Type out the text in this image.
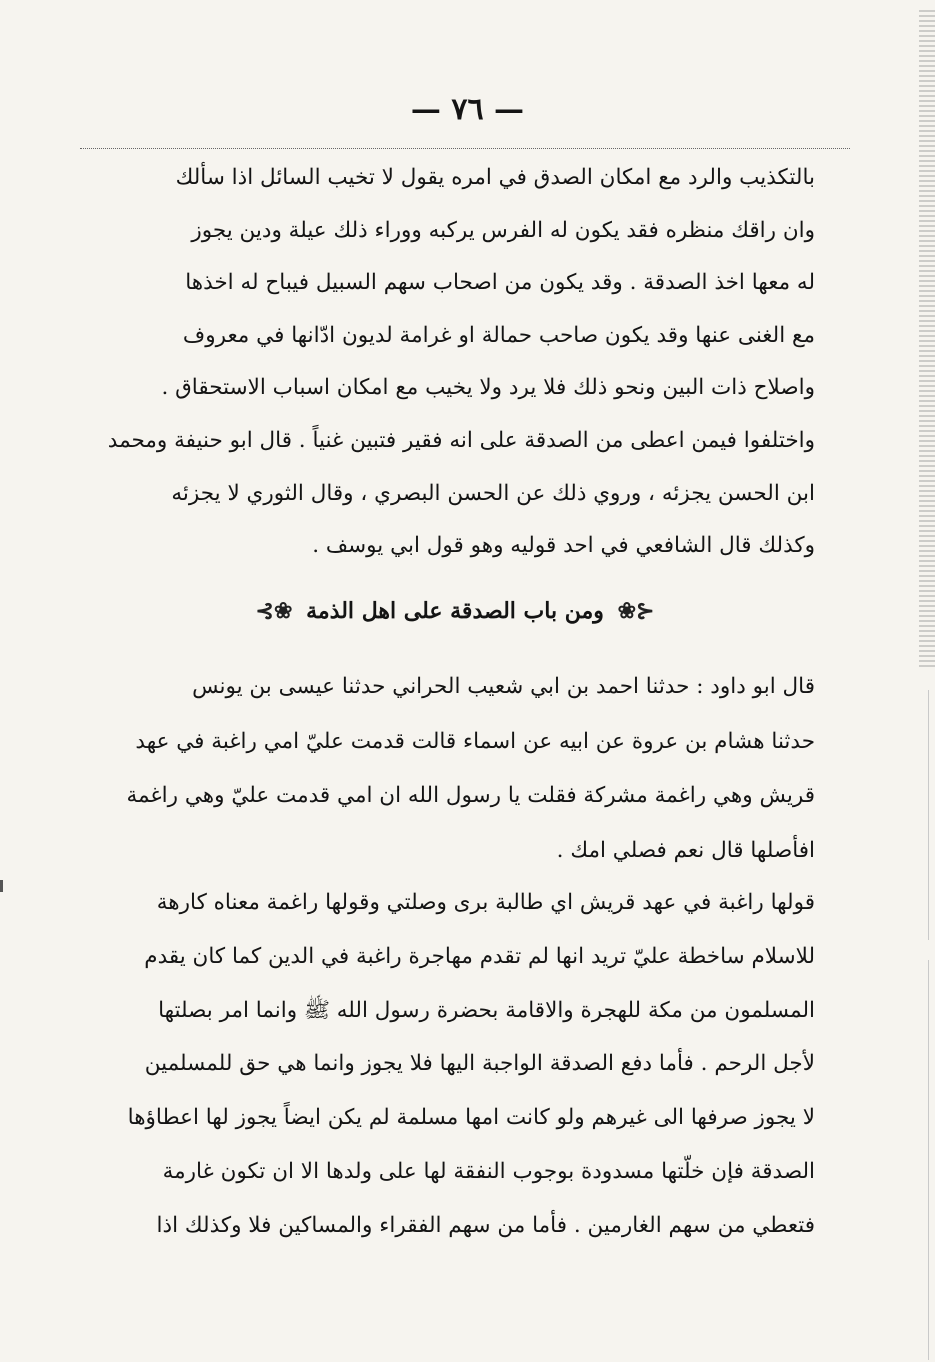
— ٧٦ —
بالتكذيب والرد مع امكان الصدق في امره يقول لا تخيب السائل اذا سألك
وان راقك منظره فقد يكون له الفرس يركبه ووراء ذلك عيلة ودين يجوز
له معها اخذ الصدقة . وقد يكون من اصحاب سهم السبيل فيباح له اخذها
مع الغنى عنها وقد يكون صاحب حمالة او غرامة لديون ادّانها في معروف
واصلاح ذات البين ونحو ذلك فلا يرد ولا يخيب مع امكان اسباب الاستحقاق .
واختلفوا فيمن اعطى من الصدقة على انه فقير فتبين غنياً . قال ابو حنيفة ومحمد
ابن الحسن يجزئه ، وروي ذلك عن الحسن البصري ، وقال الثوري لا يجزئه
وكذلك قال الشافعي في احد قوليه وهو قول ابي يوسف .
⊰❀ ومن باب الصدقة على اهل الذمة ❀⊱
قال ابو داود : حدثنا احمد بن ابي شعيب الحراني حدثنا عيسى بن يونس
حدثنا هشام بن عروة عن ابيه عن اسماء قالت قدمت عليّ امي راغبة في عهد
قريش وهي راغمة مشركة فقلت يا رسول الله ان امي قدمت عليّ وهي راغمة
افأصلها قال نعم فصلي امك .
قولها راغبة في عهد قريش اي طالبة برى وصلتي وقولها راغمة معناه كارهة
للاسلام ساخطة عليّ تريد انها لم تقدم مهاجرة راغبة في الدين كما كان يقدم
المسلمون من مكة للهجرة والاقامة بحضرة رسول الله ﷺ وانما امر بصلتها
لأجل الرحم . فأما دفع الصدقة الواجبة اليها فلا يجوز وانما هي حق للمسلمين
لا يجوز صرفها الى غيرهم ولو كانت امها مسلمة لم يكن ايضاً يجوز لها اعطاؤها
الصدقة فإن خلّتها مسدودة بوجوب النفقة لها على ولدها الا ان تكون غارمة
فتعطي من سهم الغارمين . فأما من سهم الفقراء والمساكين فلا وكذلك اذا
